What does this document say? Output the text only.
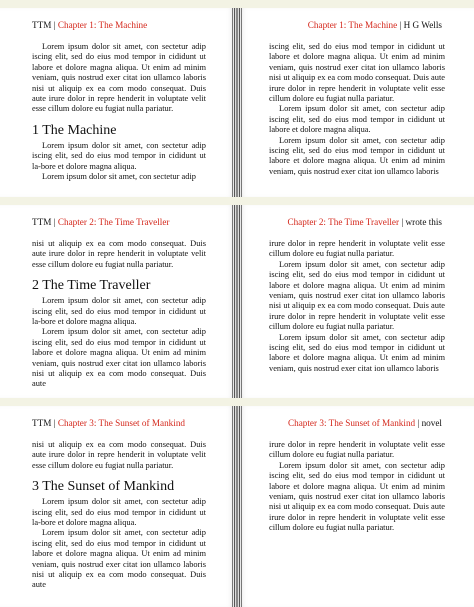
TTM | Chapter 1: The Machine

Lorem ipsum dolor sit amet, con sectetur adip iscing elit, sed do eius mod tempor in cididunt ut labore et dolore magna aliqua. Ut enim ad minim veniam, quis nostrud exer citat ion ullamco laboris nisi ut aliquip ex ea com modo consequat. Duis aute irure dolor in repre henderit in voluptate velit esse cillum dolore eu fugiat nulla pariatur.

1 The Machine

Lorem ipsum dolor sit amet, con sectetur adip iscing elit, sed do eius mod tempor in cididunt ut la-bore et dolore magna aliqua.

Lorem ipsum dolor sit amet, con sectetur adip

Chapter 1: The Machine | H G Wells

iscing elit, sed do eius mod tempor in cididunt ut labore et dolore magna aliqua. Ut enim ad minim veniam, quis nostrud exer citat ion ullamco laboris nisi ut aliquip ex ea com modo consequat. Duis aute irure dolor in repre henderit in voluptate velit esse cillum dolore eu fugiat nulla pariatur.

Lorem ipsum dolor sit amet, con sectetur adip iscing elit, sed do eius mod tempor in cididunt ut labore et dolore magna aliqua.

Lorem ipsum dolor sit amet, con sectetur adip iscing elit, sed do eius mod tempor in cididunt ut labore et dolore magna aliqua. Ut enim ad minim veniam, quis nostrud exer citat ion ullamco laboris

TTM | Chapter 2: The Time Traveller

nisi ut aliquip ex ea com modo consequat. Duis aute irure dolor in repre henderit in voluptate velit esse cillum dolore eu fugiat nulla pariatur.

2 The Time Traveller

Lorem ipsum dolor sit amet, con sectetur adip iscing elit, sed do eius mod tempor in cididunt ut la-bore et dolore magna aliqua.

Lorem ipsum dolor sit amet, con sectetur adip iscing elit, sed do eius mod tempor in cididunt ut labore et dolore magna aliqua. Ut enim ad minim veniam, quis nostrud exer citat ion ullamco laboris nisi ut aliquip ex ea com modo consequat. Duis aute

Chapter 2: The Time Traveller | wrote this

irure dolor in repre henderit in voluptate velit esse cillum dolore eu fugiat nulla pariatur.

Lorem ipsum dolor sit amet, con sectetur adip iscing elit, sed do eius mod tempor in cididunt ut labore et dolore magna aliqua. Ut enim ad minim veniam, quis nostrud exer citat ion ullamco laboris nisi ut aliquip ex ea com modo consequat. Duis aute irure dolor in repre henderit in voluptate velit esse cillum dolore eu fugiat nulla pariatur.

Lorem ipsum dolor sit amet, con sectetur adip iscing elit, sed do eius mod tempor in cididunt ut labore et dolore magna aliqua. Ut enim ad minim veniam, quis nostrud exer citat ion ullamco laboris

TTM | Chapter 3: The Sunset of Mankind

nisi ut aliquip ex ea com modo consequat. Duis aute irure dolor in repre henderit in voluptate velit esse cillum dolore eu fugiat nulla pariatur.

3 The Sunset of Mankind

Lorem ipsum dolor sit amet, con sectetur adip iscing elit, sed do eius mod tempor in cididunt ut la-bore et dolore magna aliqua.

Lorem ipsum dolor sit amet, con sectetur adip iscing elit, sed do eius mod tempor in cididunt ut labore et dolore magna aliqua. Ut enim ad minim veniam, quis nostrud exer citat ion ullamco laboris nisi ut aliquip ex ea com modo consequat. Duis aute

Chapter 3: The Sunset of Mankind | novel

irure dolor in repre henderit in voluptate velit esse cillum dolore eu fugiat nulla pariatur.

Lorem ipsum dolor sit amet, con sectetur adip iscing elit, sed do eius mod tempor in cididunt ut labore et dolore magna aliqua. Ut enim ad minim veniam, quis nostrud exer citat ion ullamco laboris nisi ut aliquip ex ea com modo consequat. Duis aute irure dolor in repre henderit in voluptate velit esse cillum dolore eu fugiat nulla pariatur.
